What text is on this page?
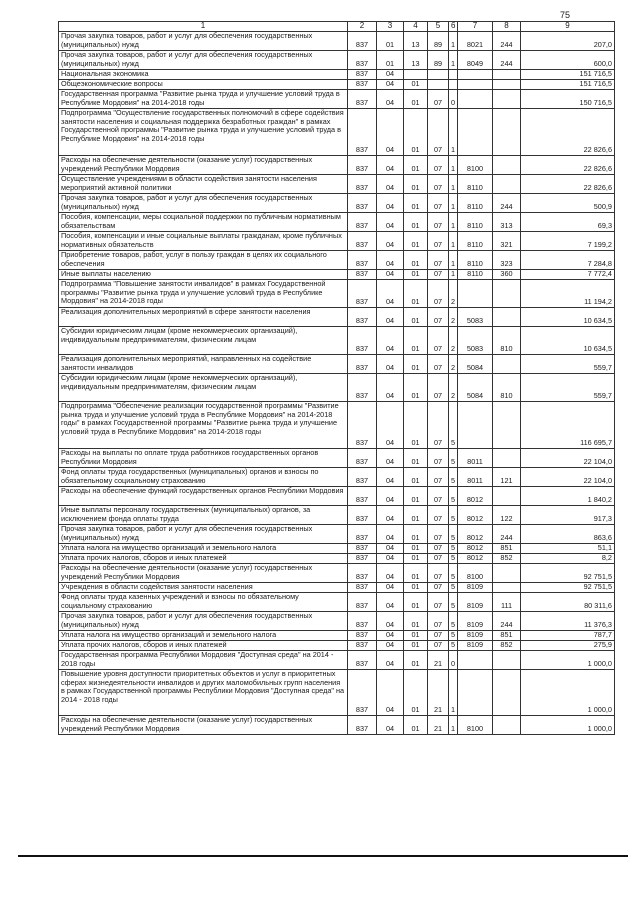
75
1	2	3	4	5	6	7	8	9
Прочая закупка товаров, работ и услуг для обеспечения государственных (муниципальных) нужд	837	01	13	89	1	8021	244	207,0
Прочая закупка товаров, работ и услуг для обеспечения государственных (муниципальных) нужд	837	01	13	89	1	8049	244	600,0
Национальная экономика	837	04						151 716,5
Общеэкономические вопросы	837	04	01					151 716,5
Государственная программа "Развитие рынка труда и улучшение условий труда в Республике Мордовия" на 2014-2018 годы	837	04	01	07	0			150 716,5
Подпрограмма "Осуществление государственных полномочий в сфере содействия занятости населения и социальная поддержка безработных граждан" в рамках Государственной программы "Развитие рынка труда и улучшение условий труда в Республике Мордовия" на 2014-2018 годы	837	04	01	07	1			22 826,6
Расходы на обеспечение деятельности (оказание услуг) государственных учреждений Республики Мордовия	837	04	01	07	1	8100		22 826,6
Осуществление учреждениями в области содействия занятости населения мероприятий активной политики	837	04	01	07	1	8110		22 826,6
Прочая закупка товаров, работ и услуг для обеспечения государственных (муниципальных) нужд	837	04	01	07	1	8110	244	500,9
Пособия, компенсации, меры социальной поддержки по публичным нормативным обязательствам	837	04	01	07	1	8110	313	69,3
Пособия, компенсации и иные социальные выплаты гражданам, кроме публичных нормативных обязательств	837	04	01	07	1	8110	321	7 199,2
Приобретение товаров, работ, услуг в пользу граждан в целях их социального обеспечения	837	04	01	07	1	8110	323	7 284,8
Иные выплаты населению	837	04	01	07	1	8110	360	7 772,4
Подпрограмма "Повышение занятости инвалидов" в рамках Государственной программы "Развитие рынка труда и улучшение условий труда в Республике Мордовия" на 2014-2018 годы	837	04	01	07	2			11 194,2
Реализация дополнительных мероприятий в сфере занятости населения	837	04	01	07	2	5083		10 634,5
Субсидии юридическим лицам (кроме некоммерческих организаций), индивидуальным предпринимателям, физическим лицам	837	04	01	07	2	5083	810	10 634,5
Реализация дополнительных мероприятий, направленных на содействие занятости инвалидов	837	04	01	07	2	5084		559,7
Субсидии юридическим лицам (кроме некоммерческих организаций), индивидуальным предпринимателям, физическим лицам	837	04	01	07	2	5084	810	559,7
Подпрограмма "Обеспечение реализации государственной программы "Развитие рынка труда и улучшение условий труда в Республике Мордовия" на 2014-2018 годы" в рамках Государственной программы "Развитие рынка труда и улучшение условий труда в Республике Мордовия" на 2014-2018 годы	837	04	01	07	5			116 695,7
Расходы на выплаты по оплате труда работников государственных органов Республики Мордовия	837	04	01	07	5	8011		22 104,0
Фонд оплаты труда государственных (муниципальных) органов и взносы по обязательному социальному страхованию	837	04	01	07	5	8011	121	22 104,0
Расходы на обеспечение функций государственных органов Республики Мордовия	837	04	01	07	5	8012		1 840,2
Иные выплаты персоналу государственных (муниципальных) органов, за исключением фонда оплаты труда	837	04	01	07	5	8012	122	917,3
Прочая закупка товаров, работ и услуг для обеспечения государственных (муниципальных) нужд	837	04	01	07	5	8012	244	863,6
Уплата налога на имущество организаций и земельного налога	837	04	01	07	5	8012	851	51,1
Уплата прочих налогов, сборов и иных платежей	837	04	01	07	5	8012	852	8,2
Расходы на обеспечение деятельности (оказание услуг) государственных учреждений Республики Мордовия	837	04	01	07	5	8100		92 751,5
Учреждения в области содействия занятости населения	837	04	01	07	5	8109		92 751,5
Фонд оплаты труда казенных учреждений и взносы по обязательному социальному страхованию	837	04	01	07	5	8109	111	80 311,6
Прочая закупка товаров, работ и услуг для обеспечения государственных (муниципальных) нужд	837	04	01	07	5	8109	244	11 376,3
Уплата налога на имущество организаций и земельного налога	837	04	01	07	5	8109	851	787,7
Уплата прочих налогов, сборов и иных платежей	837	04	01	07	5	8109	852	275,9
Государственная программа Республики Мордовия "Доступная среда" на 2014 - 2018 годы	837	04	01	21	0			1 000,0
Повышение уровня доступности приоритетных объектов и услуг в приоритетных сферах жизнедеятельности инвалидов и других маломобильных групп населения в рамках Государственной программы Республики Мордовия "Доступная среда" на 2014 - 2018 годы	837	04	01	21	1			1 000,0
Расходы на обеспечение деятельности (оказание услуг) государственных учреждений Республики Мордовия	837	04	01	21	1	8100		1 000,0
